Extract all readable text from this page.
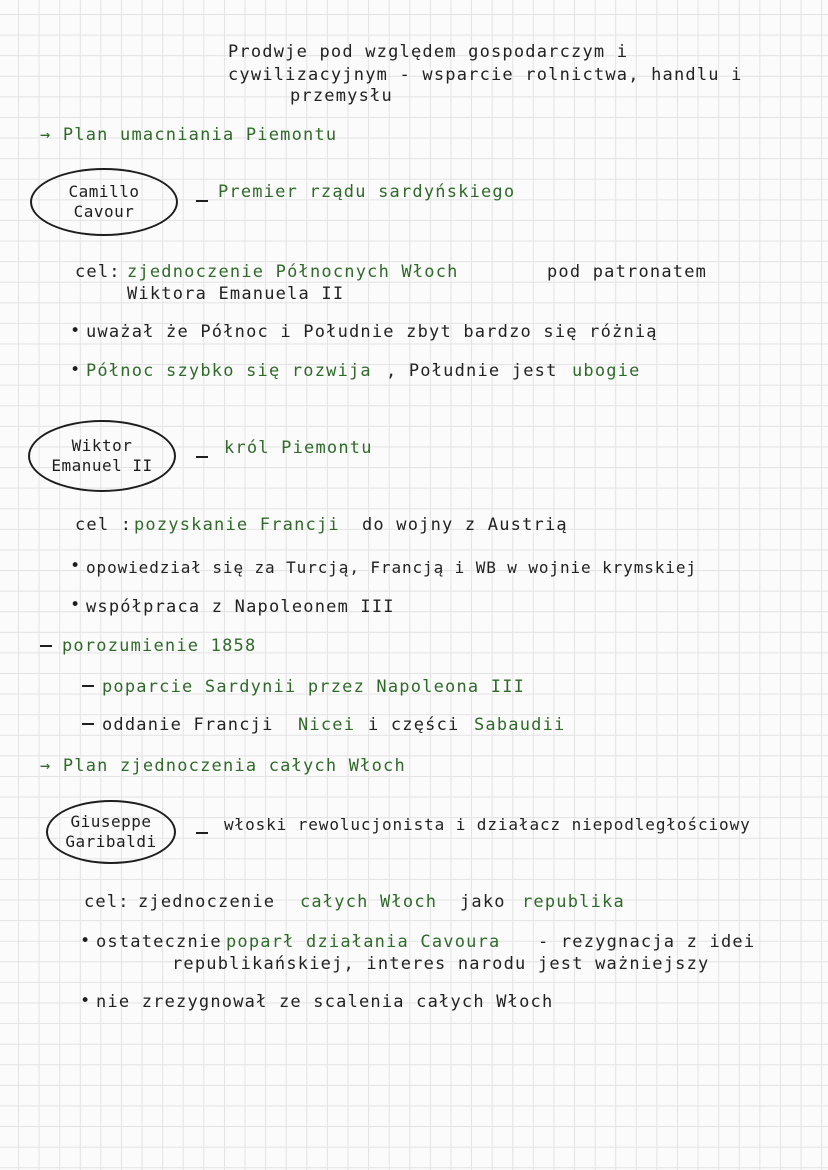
Prodwje pod względem gospodarczym i
cywilizacyjnym - wsparcie rolnictwa, handlu i
przemysłu
→ Plan umacniania Piemontu
Camillo
Cavour
Premier rządu sardyńskiego
cel: zjednoczenie Północnych Włoch	pod patronatem
Wiktora Emanuela II
• uważał że Północ i Południe zbyt bardzo się różnią
• Północ szybko się rozwija , Południe jest ubogie
Wiktor
Emanuel II
król Piemontu
cel : pozyskanie Francji do wojny z Austrią
• opowiedział się za Turcją, Francją i WB w wojnie krymskiej
• współpraca z Napoleonem III
porozumienie 1858
poparcie Sardynii przez Napoleona III
oddanie Francji Nicei i części Sabaudii
→ Plan zjednoczenia całych Włoch
Giuseppe
Garibaldi
włoski rewolucjonista i działacz niepodległościowy
cel: zjednoczenie całych Włoch jako republika
• ostatecznie poparł działania Cavoura - rezygnacja z idei
republikańskiej, interes narodu jest ważniejszy
• nie zrezygnował ze scalenia całych Włoch
